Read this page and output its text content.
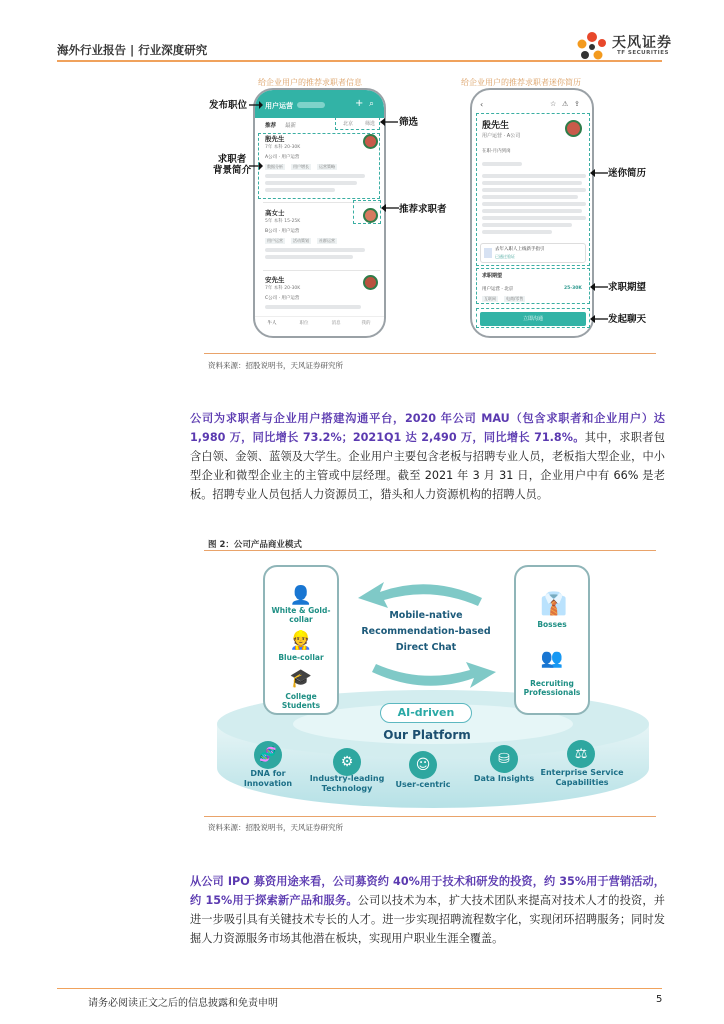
海外行业报告 | 行业深度研究	天风证券
TF SECURITIES
给企业用户的推荐求职者信息	给企业用户的推荐求职者迷你简历
用户运营	+ ⌕
推荐 最新	北京 筛选
殷先生
7年 本科 20-30K
A公司 · 用户运营
数据分析	用户增长	运营策略
高女士
5年 本科 15-25K
B公司 · 用户运营
用户运营	活动策划	社群运营
安先生
7年 本科 20-30K
C公司 · 用户运营
牛人	职位	消息	我的
发布职位
求职者
背景简介
筛选
推荐求职者
‹	☆ ⚠ ⇪
殷先生
用户运营 · A公司
在职-月内到岗
去年入职人上线新手指引
已通过验证
求职期望
用户运营 · 北京	25-30K
互联网	电商/零售
立即沟通
迷你简历
求职期望
发起聊天
资料来源：招股说明书，天风证券研究所
公司为求职者与企业用户搭建沟通平台，2020 年公司 MAU（包含求职者和企业用户）达 1,980 万，同比增长 73.2%；2021Q1 达 2,490 万，同比增长 71.8%。其中，求职者包含白领、金领、蓝领及大学生。企业用户主要包含老板与招聘专业人员，老板指大型企业，中小型企业和微型企业主的主管或中层经理。截至 2021 年 3 月 31 日，企业用户中有 66% 是老板。招聘专业人员包括人力资源员工，猎头和人力资源机构的招聘人员。
图 2：公司产品商业模式
👤
White & Gold-collar
👷
Blue-collar
🎓
College Students
👔
Bosses
👥
Recruiting Professionals
Mobile-native
Recommendation-based
Direct Chat
AI-driven
Our Platform
🧬
DNA for Innovation
⚙
Industry-leading Technology
☺
User-centric
⛁
Data Insights
⚖
Enterprise Service Capabilities
资料来源：招股说明书，天风证券研究所
从公司 IPO 募资用途来看，公司募资约 40%用于技术和研发的投资，约 35%用于营销活动，约 15%用于探索新产品和服务。公司以技术为本，扩大技术团队来提高对技术人才的投资，并进一步吸引具有关键技术专长的人才。进一步实现招聘流程数字化，实现闭环招聘服务；同时发掘人力资源服务市场其他潜在板块，实现用户职业生涯全覆盖。
请务必阅读正文之后的信息披露和免责申明	5
